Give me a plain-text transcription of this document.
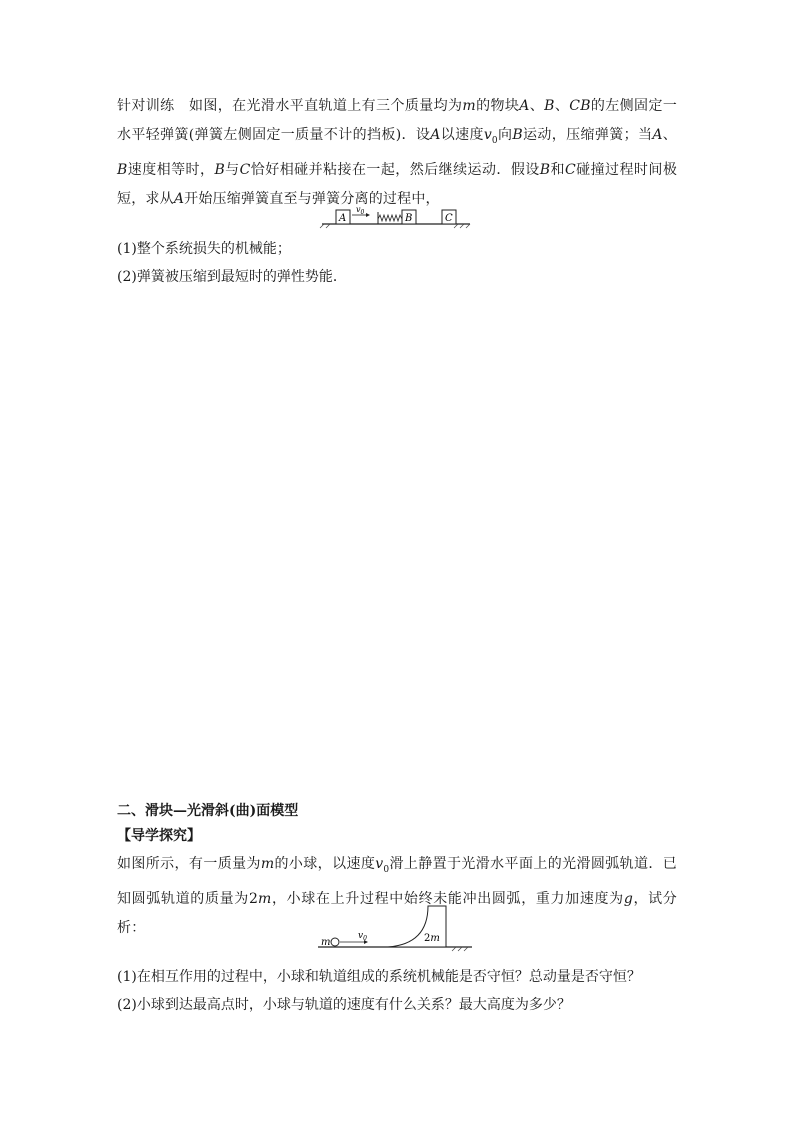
针对训练　如图，在光滑水平直轨道上有三个质量均为m的物块A、B、CB的左侧固定一水平轻弹簧(弹簧左侧固定一质量不计的挡板)．设A以速度$v_0$向B运动，压缩弹簧；当A、B速度相等时，B与C恰好相碰并粘接在一起，然后继续运动．假设B和C碰撞过程时间极短，求从A开始压缩弹簧直至与弹簧分离的过程中，
A
$v_0$
B	C
(1)整个系统损失的机械能；
(2)弹簧被压缩到最短时的弹性势能．
二、滑块—光滑斜(曲)面模型
【导学探究】
如图所示，有一质量为m的小球，以速度$v_0$滑上静置于光滑水平面上的光滑圆弧轨道．已知圆弧轨道的质量为2m，小球在上升过程中始终未能冲出圆弧，重力加速度为g，试分析：
m
$v_0$	2m
(1)在相互作用的过程中，小球和轨道组成的系统机械能是否守恒？总动量是否守恒？
(2)小球到达最高点时，小球与轨道的速度有什么关系？最大高度为多少？
